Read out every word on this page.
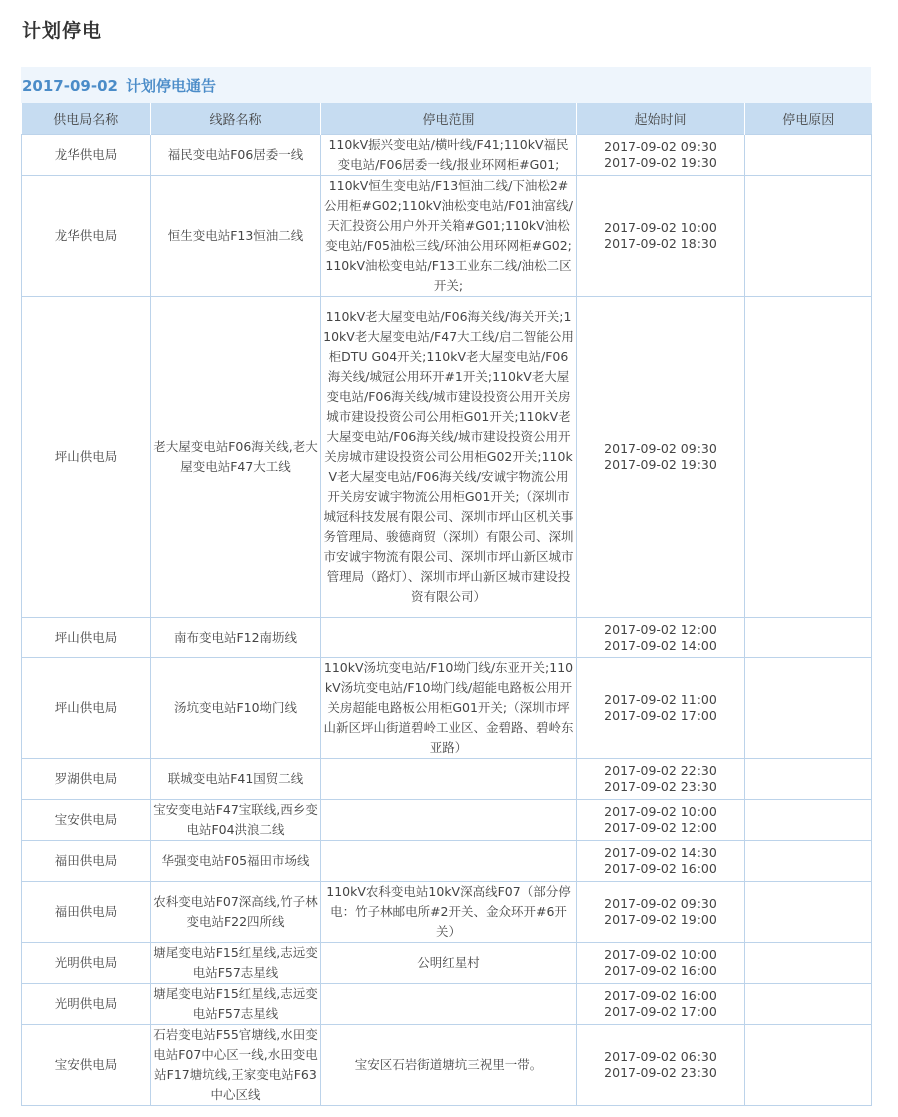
计划停电
2017-09-02 计划停电通告
供电局名称	线路名称	停电范围	起始时间	停电原因
龙华供电局	福民变电站F06居委一线	110kV振兴变电站/横叶线/F41;110kV福民变电站/F06居委一线/报业环网柜#G01;	2017-09-02 09:30
2017-09-02 19:30	

龙华供电局	恒生变电站F13恒油二线	110kV恒生变电站/F13恒油二线/下油松2#公用柜#G02;110kV油松变电站/F01油富线/天汇投资公用户外开关箱#G01;110kV油松变电站/F05油松三线/环油公用环网柜#G02;110kV油松变电站/F13工业东二线/油松二区开关;	2017-09-02 10:00
2017-09-02 18:30	

坪山供电局	老大屋变电站F06海关线,老大屋变电站F47大工线	110kV老大屋变电站/F06海关线/海关开关;110kV老大屋变电站/F47大工线/启二智能公用柜DTU G04开关;110kV老大屋变电站/F06海关线/城冠公用环开#1开关;110kV老大屋变电站/F06海关线/城市建设投资公用开关房城市建设投资公司公用柜G01开关;110kV老大屋变电站/F06海关线/城市建设投资公用开关房城市建设投资公司公用柜G02开关;110kV老大屋变电站/F06海关线/安诚宇物流公用开关房安诚宇物流公用柜G01开关;（深圳市城冠科技发展有限公司、深圳市坪山区机关事务管理局、骏德商贸（深圳）有限公司、深圳市安诚宇物流有限公司、深圳市坪山新区城市管理局（路灯）、深圳市坪山新区城市建设投资有限公司）	2017-09-02 09:30
2017-09-02 19:30	

坪山供电局	南布变电站F12南坜线		2017-09-02 12:00
2017-09-02 14:00	

坪山供电局	汤坑变电站F10坳门线	110kV汤坑变电站/F10坳门线/东亚开关;110kV汤坑变电站/F10坳门线/超能电路板公用开关房超能电路板公用柜G01开关;（深圳市坪山新区坪山街道碧岭工业区、金碧路、碧岭东亚路）	2017-09-02 11:00
2017-09-02 17:00	

罗湖供电局	联城变电站F41国贸二线		2017-09-02 22:30
2017-09-02 23:30	

宝安供电局	宝安变电站F47宝联线,西乡变电站F04洪浪二线		2017-09-02 10:00
2017-09-02 12:00	

福田供电局	华强变电站F05福田市场线		2017-09-02 14:30
2017-09-02 16:00	

福田供电局	农科变电站F07深高线,竹子林变电站F22四所线	110kV农科变电站10kV深高线F07（部分停电：竹子林邮电所#2开关、金众环开#6开关）	2017-09-02 09:30
2017-09-02 19:00	

光明供电局	塘尾变电站F15红星线,志远变电站F57志星线	公明红星村	2017-09-02 10:00
2017-09-02 16:00	

光明供电局	塘尾变电站F15红星线,志远变电站F57志星线		2017-09-02 16:00
2017-09-02 17:00	

宝安供电局	石岩变电站F55官塘线,水田变电站F07中心区一线,水田变电站F17塘坑线,王家变电站F63中心区线	宝安区石岩街道塘坑三祝里一带。	2017-09-02 06:30
2017-09-02 23:30	
